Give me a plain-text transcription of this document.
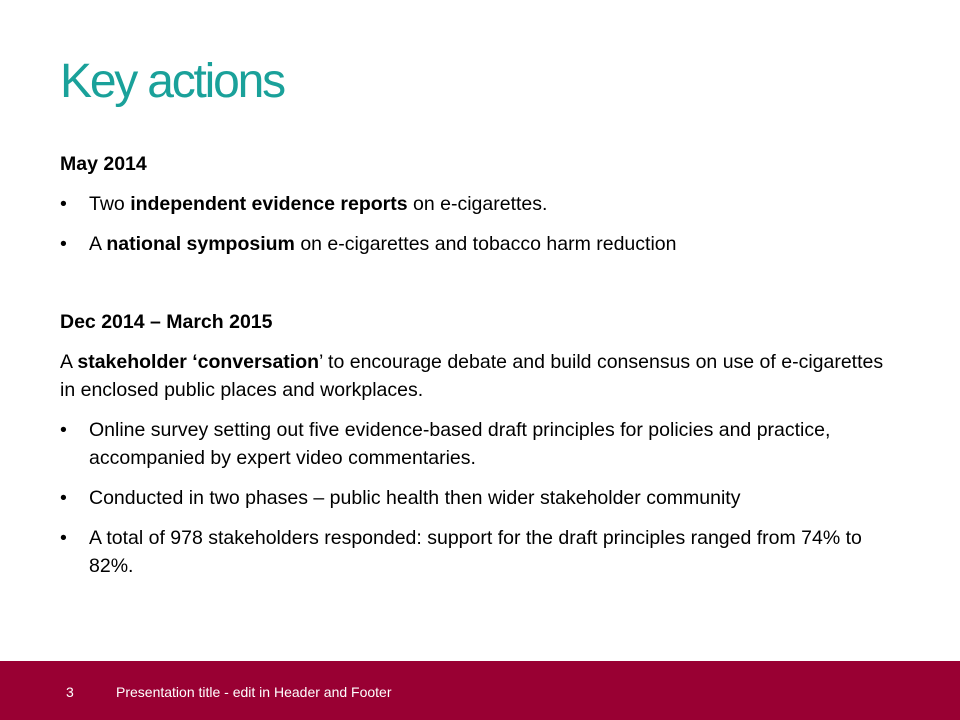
Key actions

May 2014

• Two independent evidence reports on e-cigarettes.

• A national symposium on e-cigarettes and tobacco harm reduction

Dec 2014 – March 2015

A stakeholder ‘conversation’ to encourage debate and build consensus on use of e-cigarettes in enclosed public places and workplaces.

• Online survey setting out five evidence-based draft principles for policies and practice, accompanied by expert video commentaries.

• Conducted in two phases – public health then wider stakeholder community

• A total of 978 stakeholders responded: support for the draft principles ranged from 74% to 82%.

3	Presentation title - edit in Header and Footer
